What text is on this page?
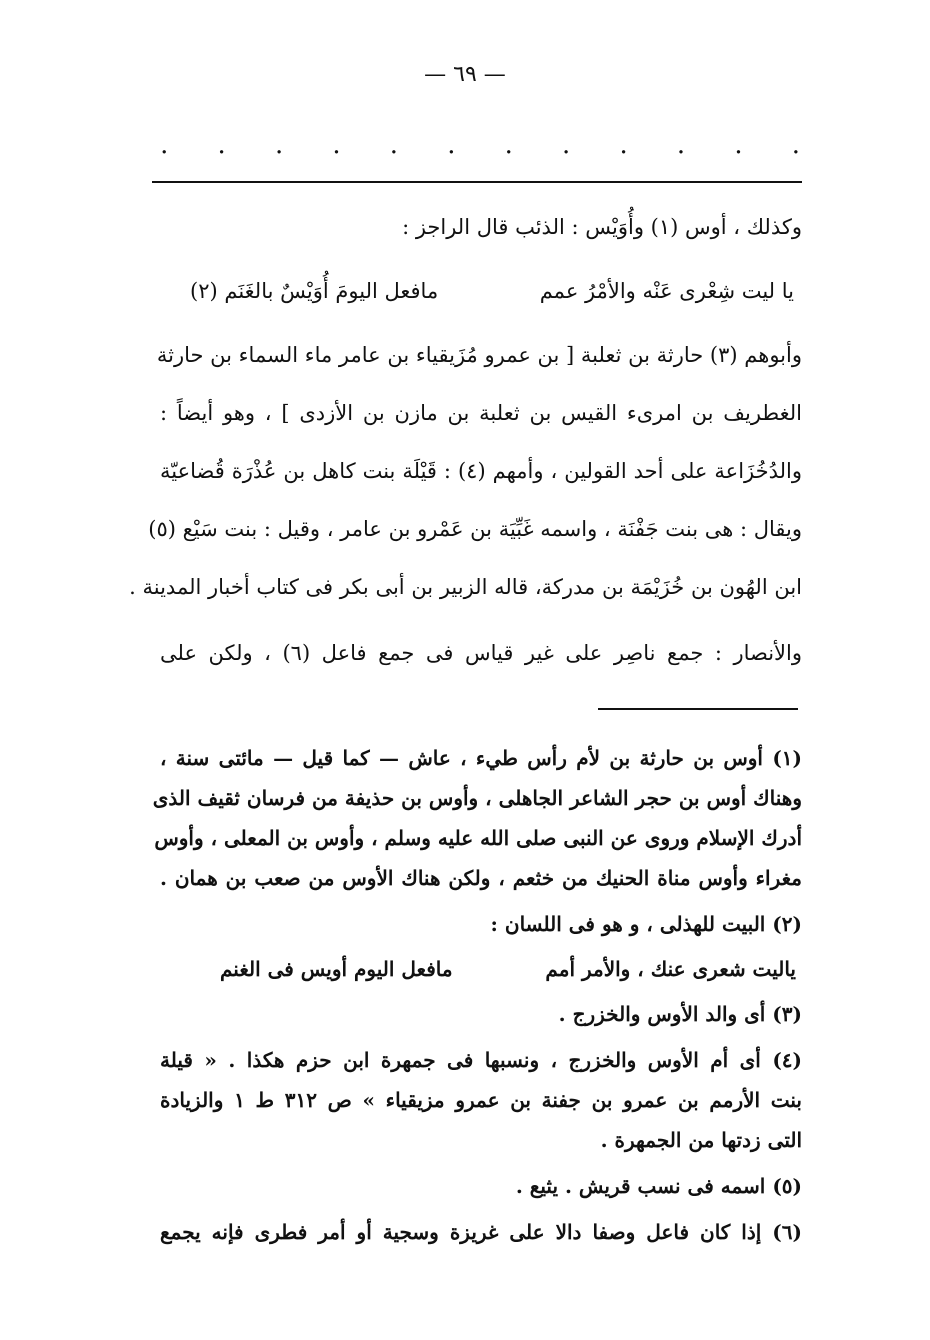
— ٦٩ —
·
·
·
·
·
·
·
·
·
·
·
·
وكذلك ، أوس (١) وأُوَيْس : الذئب قال الراجز :
يا ليت شِعْرى عَنْه والأمْرُ عمم
مافعل اليومَ أُوَيْسٌ بالغَنَم (٢)
وأبوهم (٣) حارثة بن ثعلبة [ بن عمرو مُزَيقياء بن عامر ماء السماء بن حارثة
الغطريف بن امرىء القيس بن ثعلبة بن مازن بن الأزدى ] ، وهو أيضاً :
والدُخُزَاعة على أحد القولين ، وأمهم (٤) : قَيْلَة بنت كاهل بن عُذْرَة قُضاعيّة
ويقال : هى بنت جَفْنَة ، واسمه غَبِّيَة بن عَمْرو بن عامر ، وقيل : بنت سَيْع (٥)
ابن الهُون بن خُزَيْمَة بن مدركة، قاله الزبير بن أبى بكر فى كتاب أخبار المدينة .
والأنصار : جمع ناصِر على غير قياس فى جمع فاعل (٦) ، ولكن على
(١) أوس بن حارثة بن لأم رأس طيء ، عاش — كما قيل — مائتى سنة ،
وهناك أوس بن حجر الشاعر الجاهلى ، وأوس بن حذيفة من فرسان ثقيف الذى
أدرك الإسلام وروى عن النبى صلى الله عليه وسلم ، وأوس بن المعلى ، وأوس
مغراء وأوس مناة الحنيك من خثعم ، ولكن هناك الأوس من صعب بن همان .
(٢) البيت للهذلى ، و هو فى اللسان :
ياليت شعرى عنك ، والأمر أمم
مافعل اليوم أويس فى الغنم
(٣) أى والد الأوس والخزرج .
(٤) أى أم الأوس والخزرج ، ونسبها فى جمهرة ابن حزم هكذا . « قيلة
بنت الأرمم بن عمرو بن جفنة بن عمرو مزيقياء » ص ٣١٢ ط ١ والزيادة
التى زدتها من الجمهرة .
(٥) اسمه فى نسب قريش . يثيع .
(٦) إذا كان فاعل وصفا دالا على غريزة وسجية أو أمر فطرى فإنه يجمع
